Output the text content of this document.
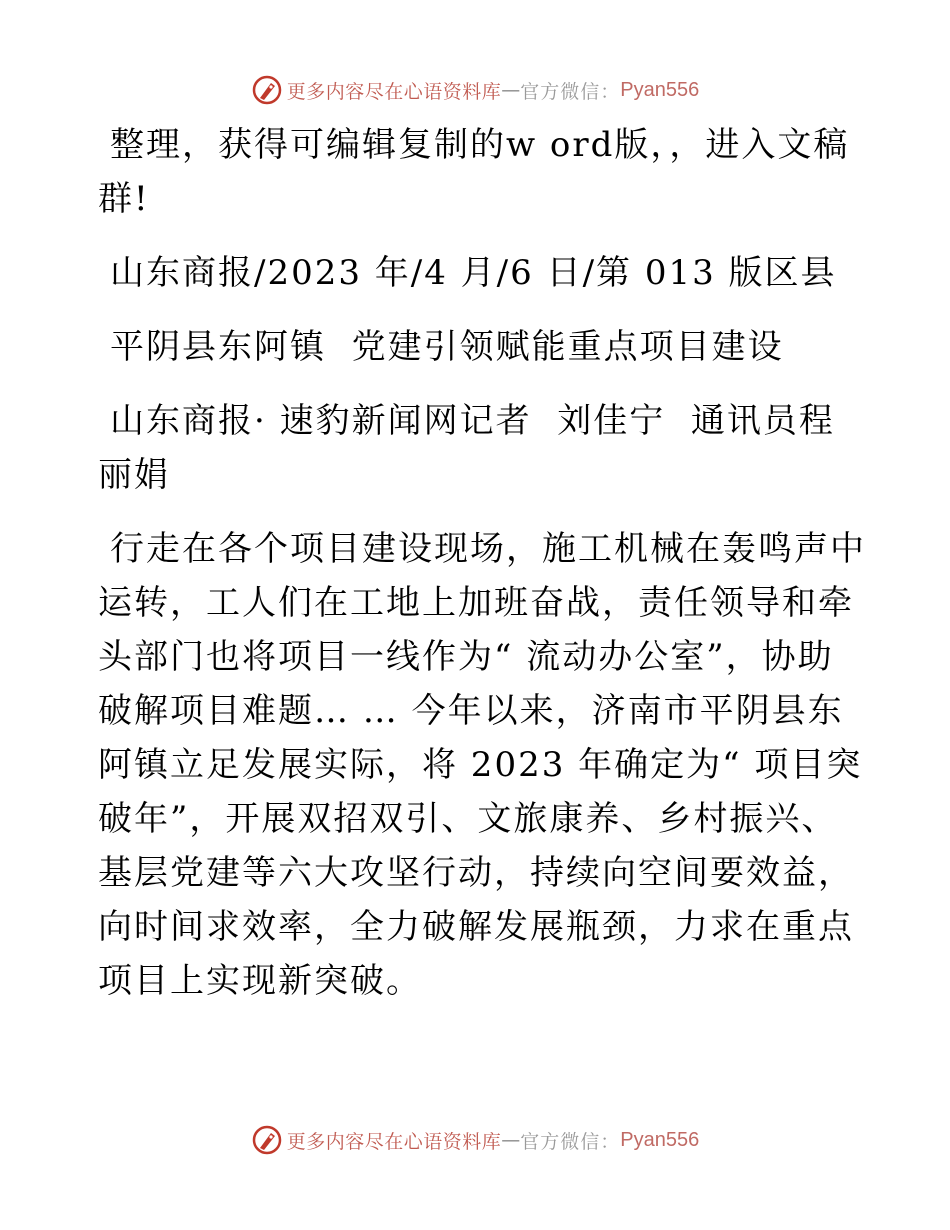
更多内容尽在心语资料库 — 官方微信： Pyan556

整理，获得可编辑复制的w ord版，，进入文稿群!

山东商报/2023 年/4 月/6 日/第 013 版区县

平阴县东阿镇  党建引领赋能重点项目建设

山东商报· 速豹新闻网记者  刘佳宁  通讯员程丽娟

行走在各个项目建设现场，施工机械在轰鸣声中运转，工人们在工地上加班奋战，责任领导和牵头部门也将项目一线作为“ 流动办公室”，协助破解项目难题… … 今年以来，济南市平阴县东阿镇立足发展实际，将 2023 年确定为“ 项目突破年”，开展双招双引、文旅康养、乡村振兴、基层党建等六大攻坚行动，持续向空间要效益，向时间求效率，全力破解发展瓶颈，力求在重点项目上实现新突破。

更多内容尽在心语资料库 — 官方微信： Pyan556
